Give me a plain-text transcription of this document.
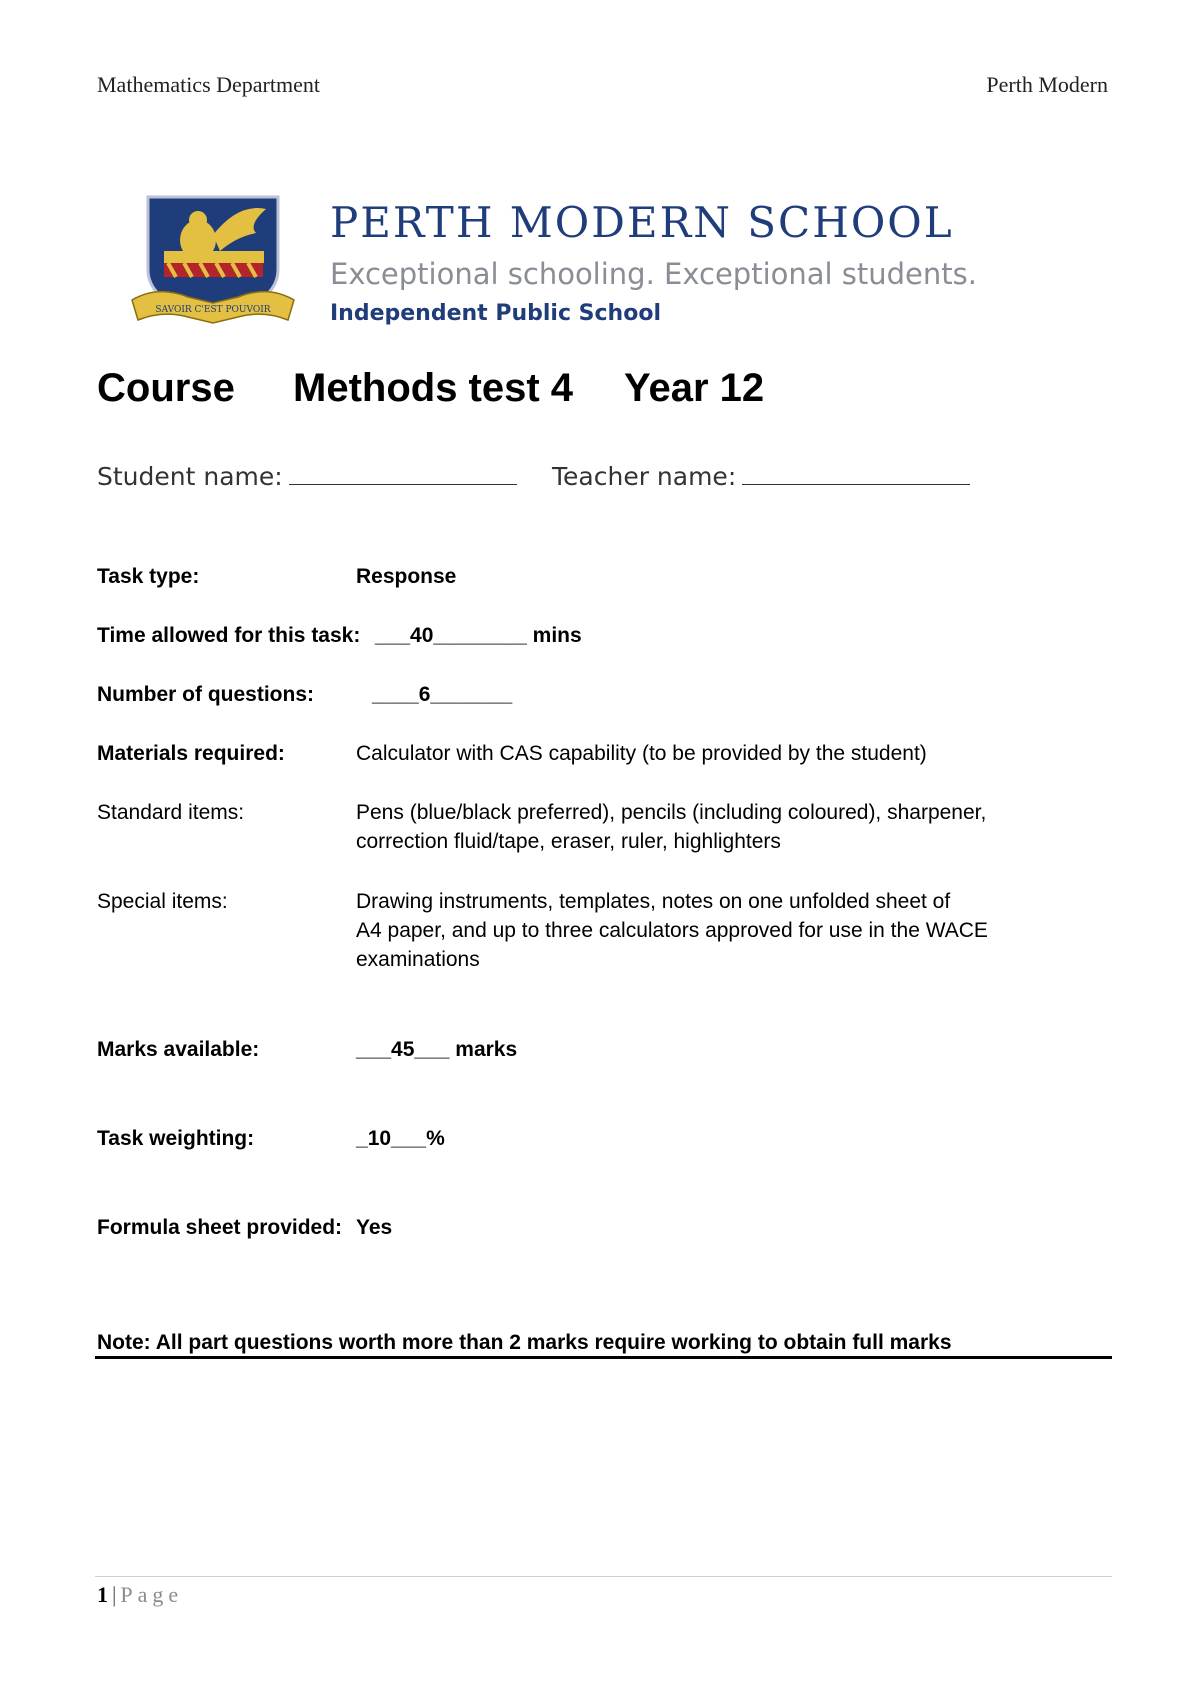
Mathematics Department	Perth Modern
SAVOIR C'EST POUVOIR
PERTH MODERN SCHOOL
Exceptional schooling. Exceptional students.
Independent Public School
Course Methods test 4 Year 12
Student name:	Teacher name:
Task type:	Response
Time allowed for this task: ___40________ mins
Number of questions:	____6_______
Materials required:	Calculator with CAS capability (to be provided by the student)
Standard items:	Pens (blue/black preferred), pencils (including coloured), sharpener,
correction fluid/tape, eraser, ruler, highlighters
Special items:	Drawing instruments, templates, notes on one unfolded sheet of
A4 paper, and up to three calculators approved for use in the WACE
examinations
Marks available:	___45___ marks
Task weighting:	_10___%
Formula sheet provided: Yes
Note: All part questions worth more than 2 marks require working to obtain full marks
1 | Page
